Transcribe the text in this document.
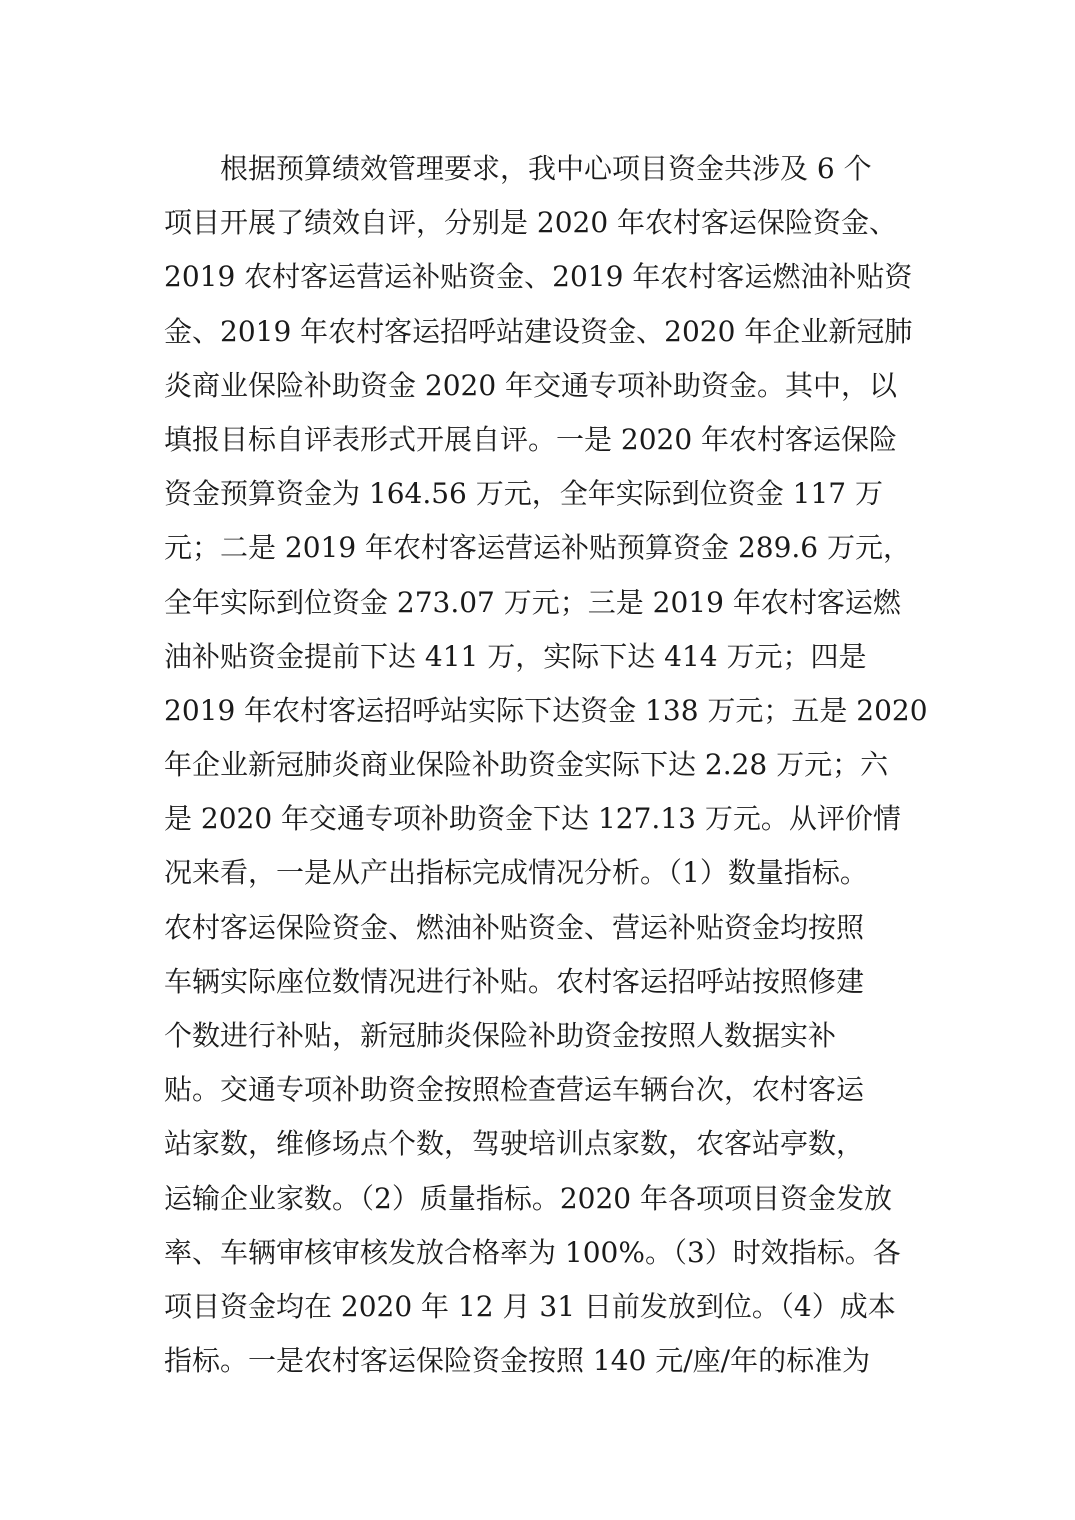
根据预算绩效管理要求，我中心项目资金共涉及 6 个
项目开展了绩效自评，分别是 2020 年农村客运保险资金、
2019 农村客运营运补贴资金、2019 年农村客运燃油补贴资
金、2019 年农村客运招呼站建设资金、2020 年企业新冠肺
炎商业保险补助资金 2020 年交通专项补助资金。其中，以
填报目标自评表形式开展自评。一是 2020 年农村客运保险
资金预算资金为 164.56 万元，全年实际到位资金 117 万
元；二是 2019 年农村客运营运补贴预算资金 289.6 万元，
全年实际到位资金 273.07 万元；三是 2019 年农村客运燃
油补贴资金提前下达 411 万，实际下达 414 万元；四是
2019 年农村客运招呼站实际下达资金 138 万元；五是 2020
年企业新冠肺炎商业保险补助资金实际下达 2.28 万元；六
是 2020 年交通专项补助资金下达 127.13 万元。从评价情
况来看，一是从产出指标完成情况分析。（1）数量指标。
农村客运保险资金、燃油补贴资金、营运补贴资金均按照
车辆实际座位数情况进行补贴。农村客运招呼站按照修建
个数进行补贴，新冠肺炎保险补助资金按照人数据实补
贴。交通专项补助资金按照检查营运车辆台次，农村客运
站家数，维修场点个数，驾驶培训点家数，农客站亭数，
运输企业家数。（2）质量指标。2020 年各项项目资金发放
率、车辆审核审核发放合格率为 100%。（3）时效指标。各
项目资金均在 2020 年 12 月 31 日前发放到位。（4）成本
指标。一是农村客运保险资金按照 140 元/座/年的标准为
